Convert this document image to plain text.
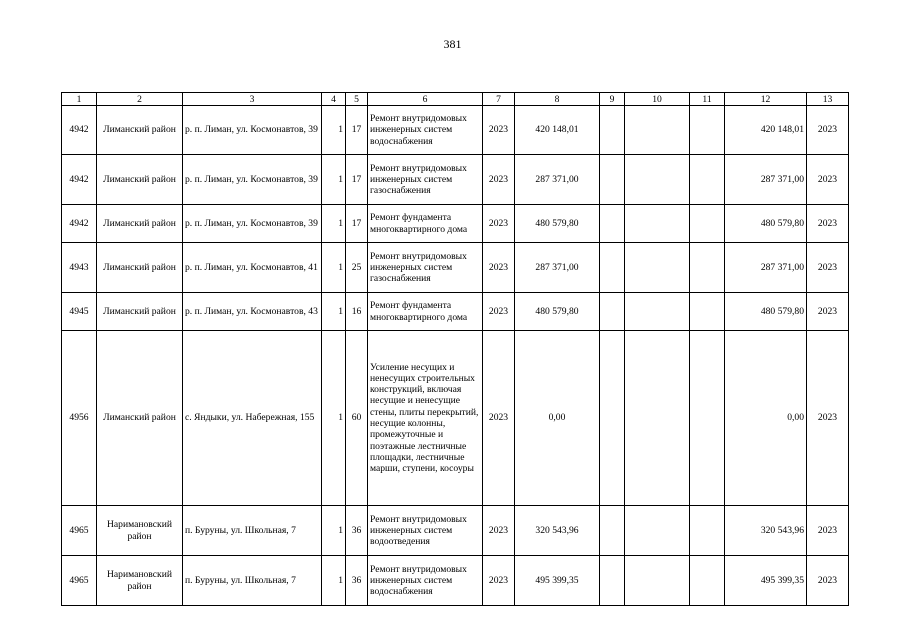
381
1	2	3	4	5	6	7	8	9	10	11	12	13
4942	Лиманский район	р. п. Лиман, ул. Космонавтов, 39	1	17	Ремонт внутридомовых инженерных систем водоснабжения	2023	420 148,01				420 148,01	2023
4942	Лиманский район	р. п. Лиман, ул. Космонавтов, 39	1	17	Ремонт внутридомовых инженерных систем газоснабжения	2023	287 371,00				287 371,00	2023
4942	Лиманский район	р. п. Лиман, ул. Космонавтов, 39	1	17	Ремонт фундамента многоквартирного дома	2023	480 579,80				480 579,80	2023
4943	Лиманский район	р. п. Лиман, ул. Космонавтов, 41	1	25	Ремонт внутридомовых инженерных систем газоснабжения	2023	287 371,00				287 371,00	2023
4945	Лиманский район	р. п. Лиман, ул. Космонавтов, 43	1	16	Ремонт фундамента многоквартирного дома	2023	480 579,80				480 579,80	2023
4956	Лиманский район	с. Яндыки, ул. Набережная, 155	1	60	Усиление несущих и ненесущих строительных конструкций, включая несущие и ненесущие стены, плиты перекрытий, несущие колонны, промежуточные и поэтажные лестничные площадки, лестничные марши, ступени, косоуры	2023	0,00				0,00	2023
4965	Наримановский район	п. Буруны, ул. Школьная, 7	1	36	Ремонт внутридомовых инженерных систем водоотведения	2023	320 543,96				320 543,96	2023
4965	Наримановский район	п. Буруны, ул. Школьная, 7	1	36	Ремонт внутридомовых инженерных систем водоснабжения	2023	495 399,35				495 399,35	2023
